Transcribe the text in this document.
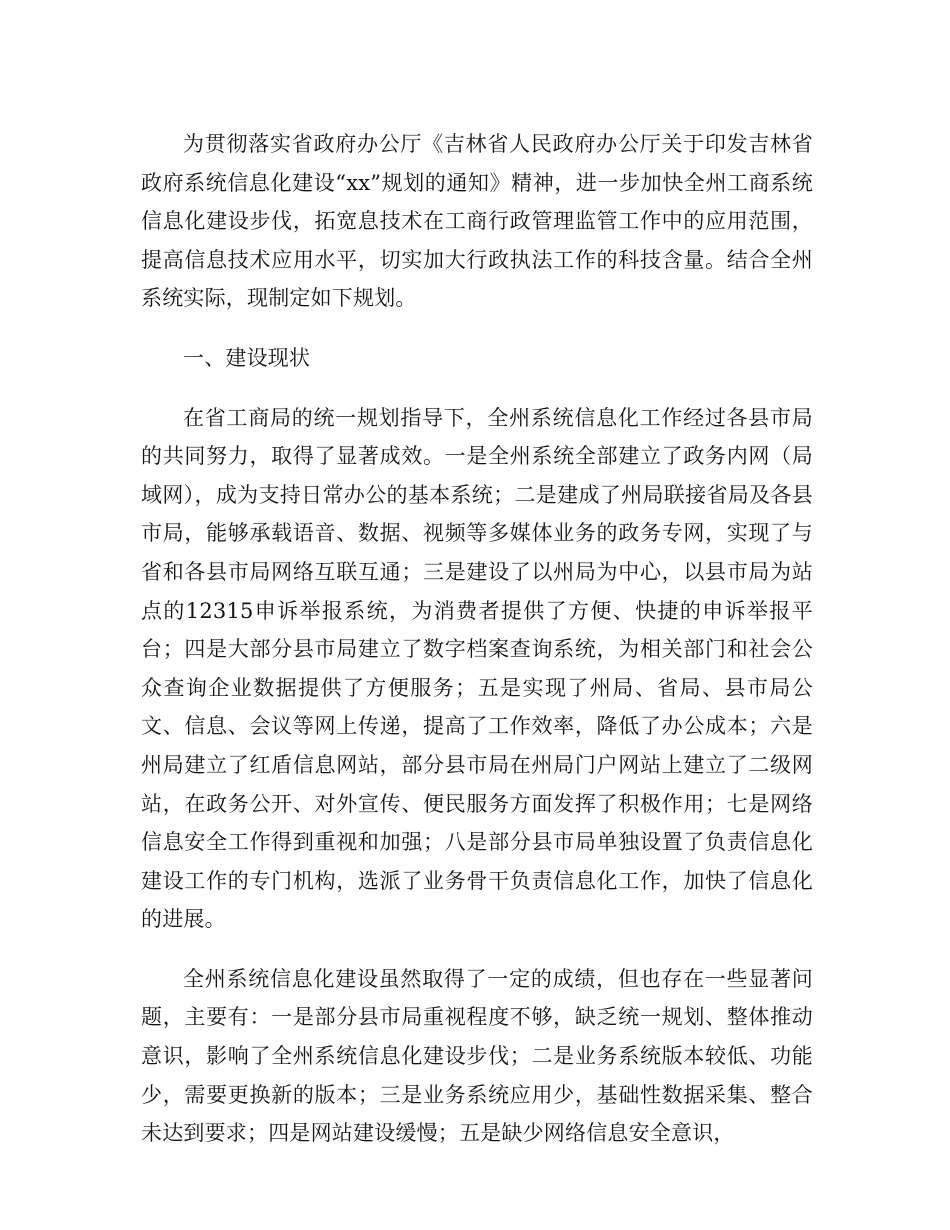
为贯彻落实省政府办公厅《吉林省人民政府办公厅关于印发吉林省政府系统信息化建设“xx”规划的通知》精神，进一步加快全州工商系统信息化建设步伐，拓宽息技术在工商行政管理监管工作中的应用范围，提高信息技术应用水平，切实加大行政执法工作的科技含量。结合全州系统实际，现制定如下规划。

一、建设现状

在省工商局的统一规划指导下，全州系统信息化工作经过各县市局的共同努力，取得了显著成效。一是全州系统全部建立了政务内网（局域网），成为支持日常办公的基本系统；二是建成了州局联接省局及各县市局，能够承载语音、数据、视频等多媒体业务的政务专网，实现了与省和各县市局网络互联互通；三是建设了以州局为中心，以县市局为站点的12315申诉举报系统，为消费者提供了方便、快捷的申诉举报平台；四是大部分县市局建立了数字档案查询系统，为相关部门和社会公众查询企业数据提供了方便服务；五是实现了州局、省局、县市局公文、信息、会议等网上传递，提高了工作效率，降低了办公成本；六是州局建立了红盾信息网站，部分县市局在州局门户网站上建立了二级网站，在政务公开、对外宣传、便民服务方面发挥了积极作用；七是网络信息安全工作得到重视和加强；八是部分县市局单独设置了负责信息化建设工作的专门机构，选派了业务骨干负责信息化工作，加快了信息化的进展。

全州系统信息化建设虽然取得了一定的成绩，但也存在一些显著问题，主要有：一是部分县市局重视程度不够，缺乏统一规划、整体推动意识，影响了全州系统信息化建设步伐；二是业务系统版本较低、功能少，需要更换新的版本；三是业务系统应用少，基础性数据采集、整合未达到要求；四是网站建设缓慢；五是缺少网络信息安全意识，
